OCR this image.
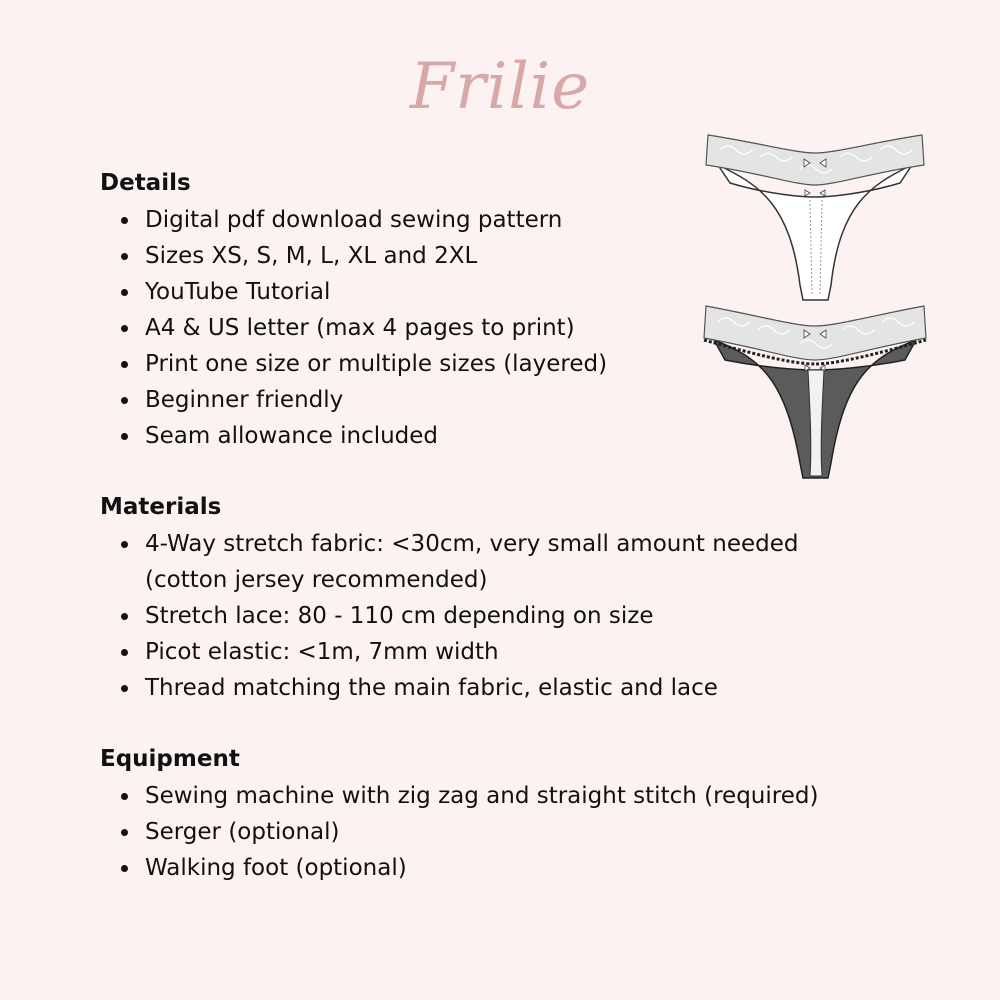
Frilie
Details
Digital pdf download sewing pattern
Sizes XS, S, M, L, XL and 2XL
YouTube Tutorial
A4 & US letter (max 4 pages to print)
Print one size or multiple sizes (layered)
Beginner friendly
Seam allowance included
Materials
4-Way stretch fabric: <30cm, very small amount needed
(cotton jersey recommended)
Stretch lace: 80 - 110 cm depending on size
Picot elastic: <1m, 7mm width
Thread matching the main fabric, elastic and lace
Equipment
Sewing machine with zig zag and straight stitch (required)
Serger (optional)
Walking foot (optional)
